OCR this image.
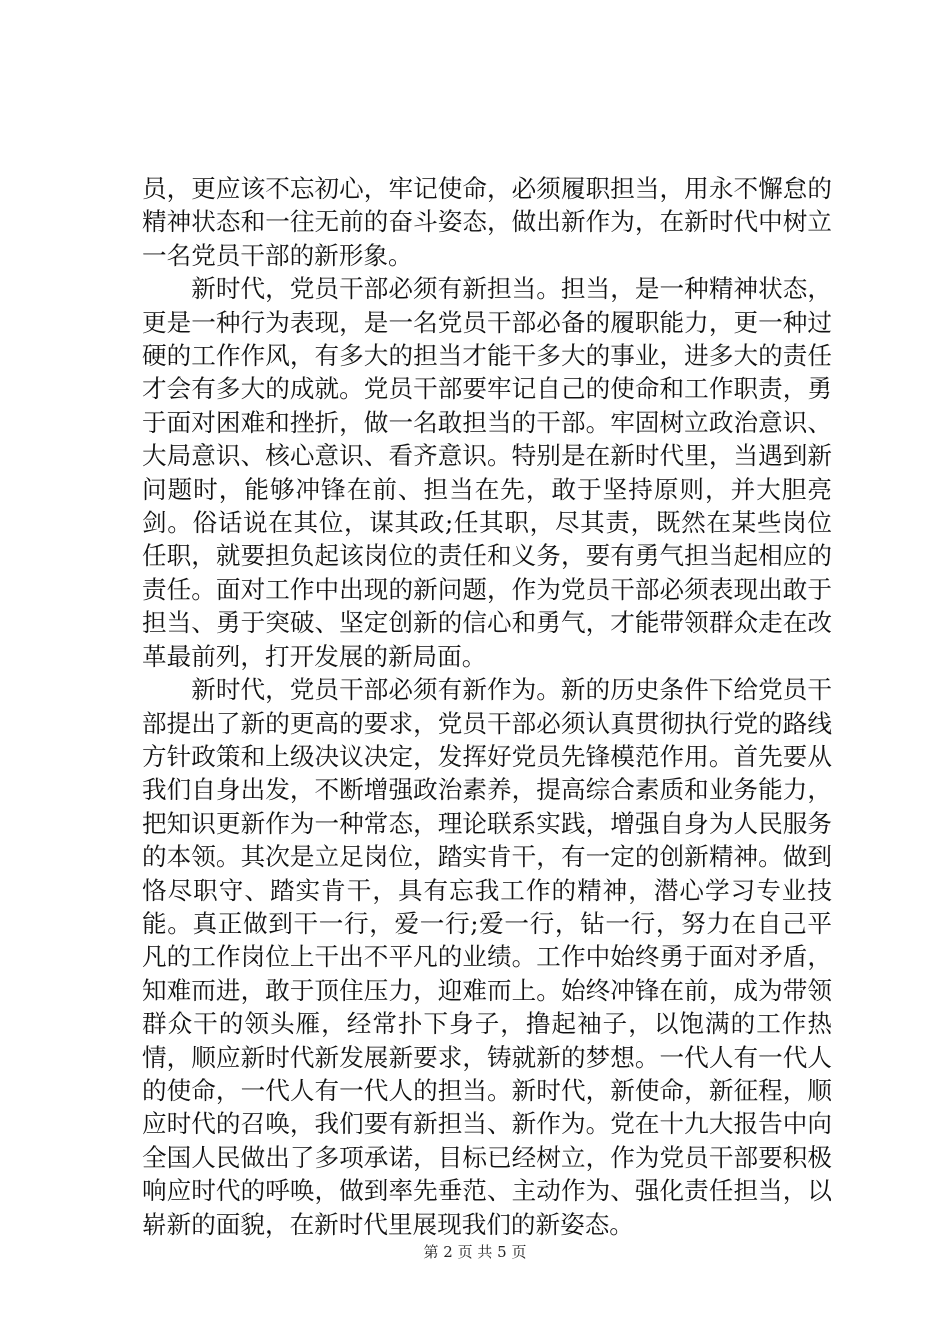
员，更应该不忘初心，牢记使命，必须履职担当，用永不懈怠的精神状态和一往无前的奋斗姿态，做出新作为，在新时代中树立一名党员干部的新形象。

新时代，党员干部必须有新担当。担当，是一种精神状态，更是一种行为表现，是一名党员干部必备的履职能力，更一种过硬的工作作风，有多大的担当才能干多大的事业，进多大的责任才会有多大的成就。党员干部要牢记自己的使命和工作职责，勇于面对困难和挫折，做一名敢担当的干部。牢固树立政治意识、大局意识、核心意识、看齐意识。特别是在新时代里，当遇到新问题时，能够冲锋在前、担当在先，敢于坚持原则，并大胆亮剑。俗话说在其位，谋其政;任其职，尽其责，既然在某些岗位任职，就要担负起该岗位的责任和义务，要有勇气担当起相应的责任。面对工作中出现的新问题，作为党员干部必须表现出敢于担当、勇于突破、坚定创新的信心和勇气，才能带领群众走在改革最前列，打开发展的新局面。

新时代，党员干部必须有新作为。新的历史条件下给党员干部提出了新的更高的要求，党员干部必须认真贯彻执行党的路线方针政策和上级决议决定，发挥好党员先锋模范作用。首先要从我们自身出发，不断增强政治素养，提高综合素质和业务能力，把知识更新作为一种常态，理论联系实践，增强自身为人民服务的本领。其次是立足岗位，踏实肯干，有一定的创新精神。做到恪尽职守、踏实肯干，具有忘我工作的精神，潜心学习专业技能。真正做到干一行，爱一行;爱一行，钻一行，努力在自己平凡的工作岗位上干出不平凡的业绩。工作中始终勇于面对矛盾，知难而进，敢于顶住压力，迎难而上。始终冲锋在前，成为带领群众干的领头雁，经常扑下身子，撸起袖子，以饱满的工作热情，顺应新时代新发展新要求，铸就新的梦想。一代人有一代人的使命，一代人有一代人的担当。新时代，新使命，新征程，顺应时代的召唤，我们要有新担当、新作为。党在十九大报告中向全国人民做出了多项承诺，目标已经树立，作为党员干部要积极响应时代的呼唤，做到率先垂范、主动作为、强化责任担当，以崭新的面貌，在新时代里展现我们的新姿态。

第 2 页 共 5 页
